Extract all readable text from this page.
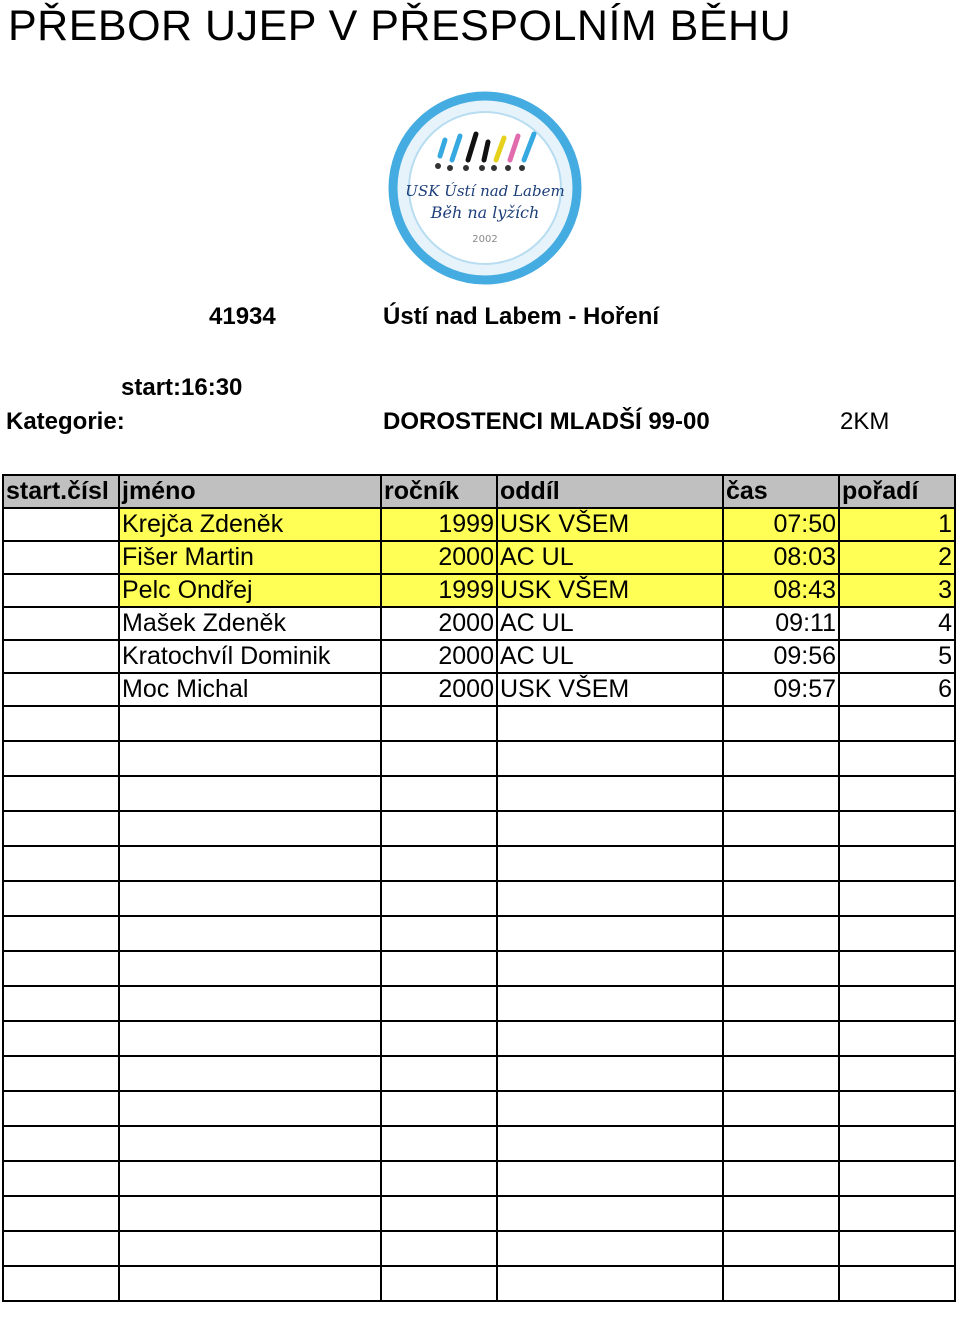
PŘEBOR UJEP V PŘESPOLNÍM BĚHU
USK Ústí nad Labem
Běh na lyžích
2002
41934	Ústí nad Labem - Hoření
start:16:30
Kategorie:	DOROSTENCI MLADŠÍ 99-00	2KM
start.čísl	jméno	ročník	oddíl	čas	pořadí
	Krejča Zdeněk	1999	USK VŠEM	07:50	1
	Fišer Martin	2000	AC UL	08:03	2
	Pelc Ondřej	1999	USK VŠEM	08:43	3
	Mašek Zdeněk	2000	AC UL	09:11	4
	Kratochvíl Dominik	2000	AC UL	09:56	5
	Moc Michal	2000	USK VŠEM	09:57	6
